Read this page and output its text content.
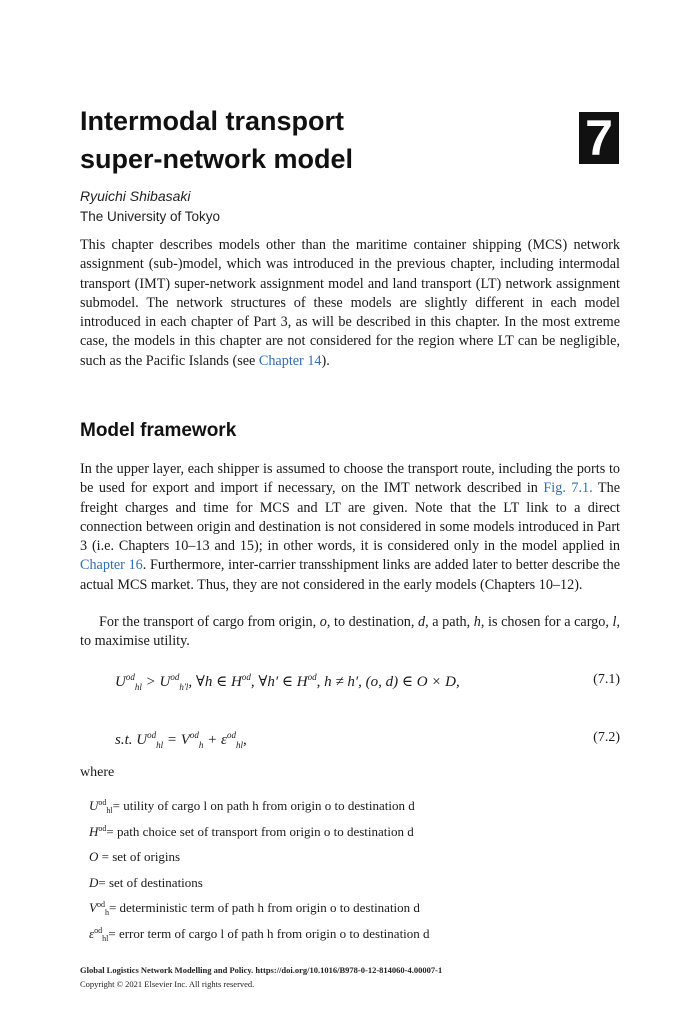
Intermodal transport
super-network model	7
Ryuichi Shibasaki
The University of Tokyo
This chapter describes models other than the maritime container shipping (MCS) network assignment (sub-)model, which was introduced in the previous chapter, including intermodal transport (IMT) super-network assignment model and land transport (LT) network assignment submodel. The network structures of these models are slightly different in each model introduced in each chapter of Part 3, as will be described in this chapter. In the most extreme case, the models in this chapter are not considered for the region where LT can be negligible, such as the Pacific Islands (see Chapter 14).
Model framework
In the upper layer, each shipper is assumed to choose the transport route, including the ports to be used for export and import if necessary, on the IMT network described in Fig. 7.1. The freight charges and time for MCS and LT are given. Note that the LT link to a direct connection between origin and destination is not considered in some models introduced in Part 3 (i.e. Chapters 10–13 and 15); in other words, it is considered only in the model applied in Chapter 16. Furthermore, inter-carrier transshipment links are added later to better describe the actual MCS market. Thus, they are not considered in the early models (Chapters 10–12).
For the transport of cargo from origin, o, to destination, d, a path, h, is chosen for a cargo, l, to maximise utility.
$U^{od}_{hl} > U^{od}_{h'l}$, ∀h ∈ $H^{od}$, ∀h′ ∈ $H^{od}$, h ≠ h′, (o, d) ∈ O × D,	(7.1)
s.t. $U^{od}_{hl} = V^{od}_h + \varepsilon^{od}_{hl}$,	(7.2)
where
$U^{od}_{hl}=$ utility of cargo l on path h from origin o to destination d
$H^{od}=$ path choice set of transport from origin o to destination d
O = set of origins
D= set of destinations
$V^{od}_h=$ deterministic term of path h from origin o to destination d
$\varepsilon^{od}_{hl}=$ error term of cargo l of path h from origin o to destination d
Global Logistics Network Modelling and Policy. https://doi.org/10.1016/B978-0-12-814060-4.00007-1
Copyright © 2021 Elsevier Inc. All rights reserved.
